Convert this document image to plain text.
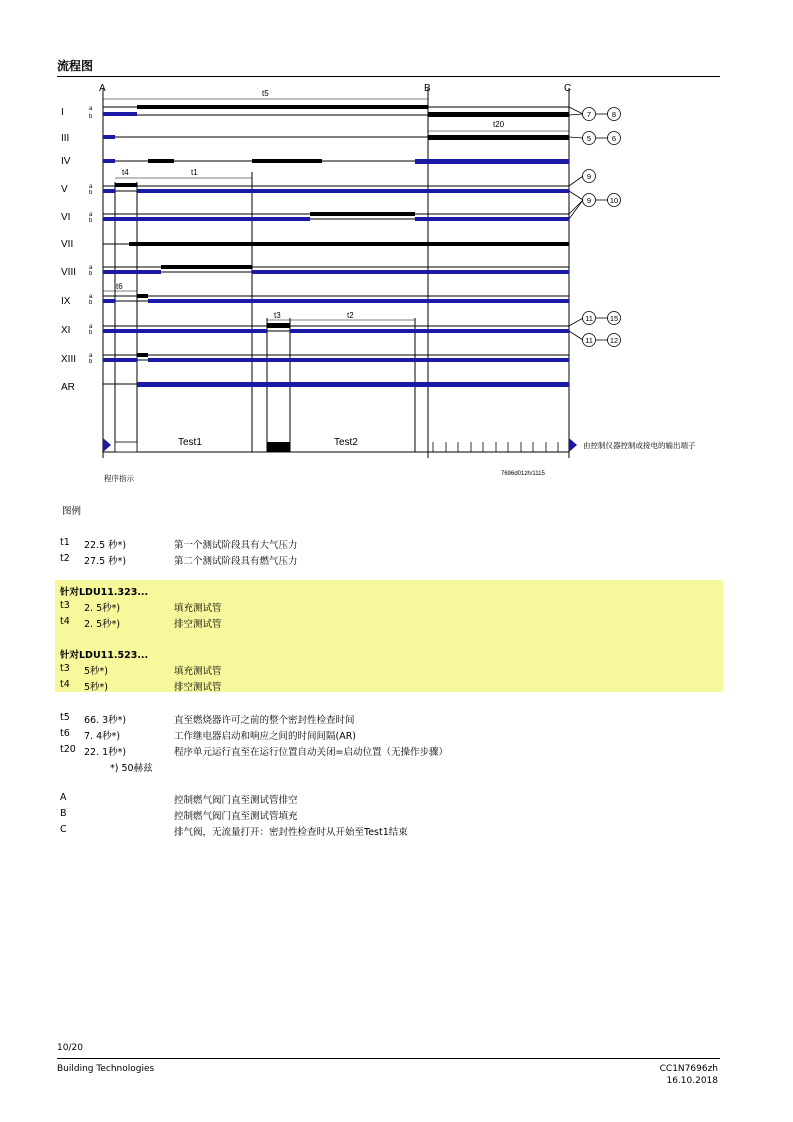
流程图
t5
t20
t4	t1
t6
t3	t2
A	B	C
I
III
IV
V
VI
VII
VIII
IX
XI
XIII
AR
a
b
a
b
a
b
a
b
a
b
a
b
a
b
7	8
5	6
9
9 10
11 15
11 12
Test1	Test2	由控制仪器控制或接电的输出端子
程序指示	7696d01zh/1115
图例
t1 22.5 秒*)	第一个测试阶段具有大气压力
t2 27.5 秒*)	第二个测试阶段具有燃气压力
针对LDU11.323...
t3 2. 5秒*)	填充测试管
t4 2. 5秒*)	排空测试管
针对LDU11.523...
t3 5秒*)	填充测试管
t4 5秒*)	排空测试管
t5 66. 3秒*)	直至燃烧器许可之前的整个密封性检查时间
t6 7. 4秒*)	工作继电器启动和响应之间的时间间隔(AR)
t20 22. 1秒*)	程序单元运行直至在运行位置自动关闭=启动位置（无操作步骤）
*) 50赫兹
A	控制燃气阀门直至测试管排空
B	控制燃气阀门直至测试管填充
C	排气阀，无流量打开：密封性检查时从开始至Test1结束
10/20
Building Technologies	CC1N7696zh
16.10.2018
